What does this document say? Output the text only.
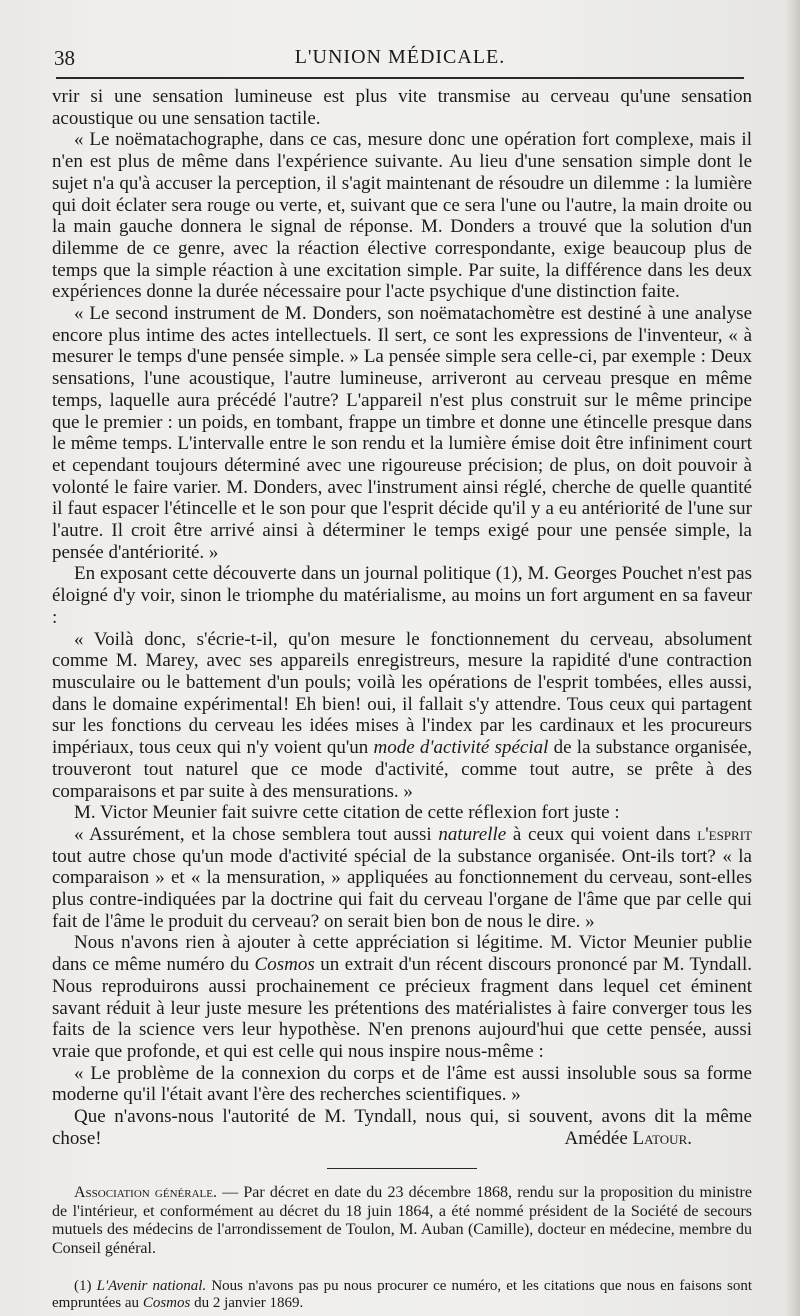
38	L'UNION MÉDICALE.

vrir si une sensation lumineuse est plus vite transmise au cerveau qu'une sensation acoustique ou une sensation tactile.

« Le noëmatachographe, dans ce cas, mesure donc une opération fort complexe, mais il n'en est plus de même dans l'expérience suivante. Au lieu d'une sensation simple dont le sujet n'a qu'à accuser la perception, il s'agit maintenant de résoudre un dilemme : la lumière qui doit éclater sera rouge ou verte, et, suivant que ce sera l'une ou l'autre, la main droite ou la main gauche donnera le signal de réponse. M. Donders a trouvé que la solution d'un dilemme de ce genre, avec la réaction élective correspondante, exige beaucoup plus de temps que la simple réaction à une excitation simple. Par suite, la différence dans les deux expériences donne la durée nécessaire pour l'acte psychique d'une distinction faite.

« Le second instrument de M. Donders, son noëmatachomètre est destiné à une analyse encore plus intime des actes intellectuels. Il sert, ce sont les expressions de l'inventeur, « à mesurer le temps d'une pensée simple. » La pensée simple sera celle-ci, par exemple : Deux sensations, l'une acoustique, l'autre lumineuse, arriveront au cerveau presque en même temps, laquelle aura précédé l'autre? L'appareil n'est plus construit sur le même principe que le premier : un poids, en tombant, frappe un timbre et donne une étincelle presque dans le même temps. L'intervalle entre le son rendu et la lumière émise doit être infiniment court et cependant toujours déterminé avec une rigoureuse précision; de plus, on doit pouvoir à volonté le faire varier. M. Donders, avec l'instrument ainsi réglé, cherche de quelle quantité il faut espacer l'étincelle et le son pour que l'esprit décide qu'il y a eu antériorité de l'une sur l'autre. Il croit être arrivé ainsi à déterminer le temps exigé pour une pensée simple, la pensée d'antériorité. »

En exposant cette découverte dans un journal politique (1), M. Georges Pouchet n'est pas éloigné d'y voir, sinon le triomphe du matérialisme, au moins un fort argument en sa faveur :

« Voilà donc, s'écrie-t-il, qu'on mesure le fonctionnement du cerveau, absolument comme M. Marey, avec ses appareils enregistreurs, mesure la rapidité d'une contraction musculaire ou le battement d'un pouls; voilà les opérations de l'esprit tombées, elles aussi, dans le domaine expérimental! Eh bien! oui, il fallait s'y attendre. Tous ceux qui partagent sur les fonctions du cerveau les idées mises à l'index par les cardinaux et les procureurs impériaux, tous ceux qui n'y voient qu'un mode d'activité spécial de la substance organisée, trouveront tout naturel que ce mode d'activité, comme tout autre, se prête à des comparaisons et par suite à des mensurations. »

M. Victor Meunier fait suivre cette citation de cette réflexion fort juste :

« Assurément, et la chose semblera tout aussi naturelle à ceux qui voient dans l'esprit tout autre chose qu'un mode d'activité spécial de la substance organisée. Ont-ils tort? « la comparaison » et « la mensuration, » appliquées au fonctionnement du cerveau, sont-elles plus contre-indiquées par la doctrine qui fait du cerveau l'organe de l'âme que par celle qui fait de l'âme le produit du cerveau? on serait bien bon de nous le dire. »

Nous n'avons rien à ajouter à cette appréciation si légitime. M. Victor Meunier publie dans ce même numéro du Cosmos un extrait d'un récent discours prononcé par M. Tyndall. Nous reproduirons aussi prochainement ce précieux fragment dans lequel cet éminent savant réduit à leur juste mesure les prétentions des matérialistes à faire converger tous les faits de la science vers leur hypothèse. N'en prenons aujourd'hui que cette pensée, aussi vraie que profonde, et qui est celle qui nous inspire nous-même :

« Le problème de la connexion du corps et de l'âme est aussi insoluble sous sa forme moderne qu'il l'était avant l'ère des recherches scientifiques. »

Que n'avons-nous l'autorité de M. Tyndall, nous qui, si souvent, avons dit la même chose!	Amédée Latour.

Association générale. — Par décret en date du 23 décembre 1868, rendu sur la proposition du ministre de l'intérieur, et conformément au décret du 18 juin 1864, a été nommé président de la Société de secours mutuels des médecins de l'arrondissement de Toulon, M. Auban (Camille), docteur en médecine, membre du Conseil général.

(1) L'Avenir national. Nous n'avons pas pu nous procurer ce numéro, et les citations que nous en faisons sont empruntées au Cosmos du 2 janvier 1869.
